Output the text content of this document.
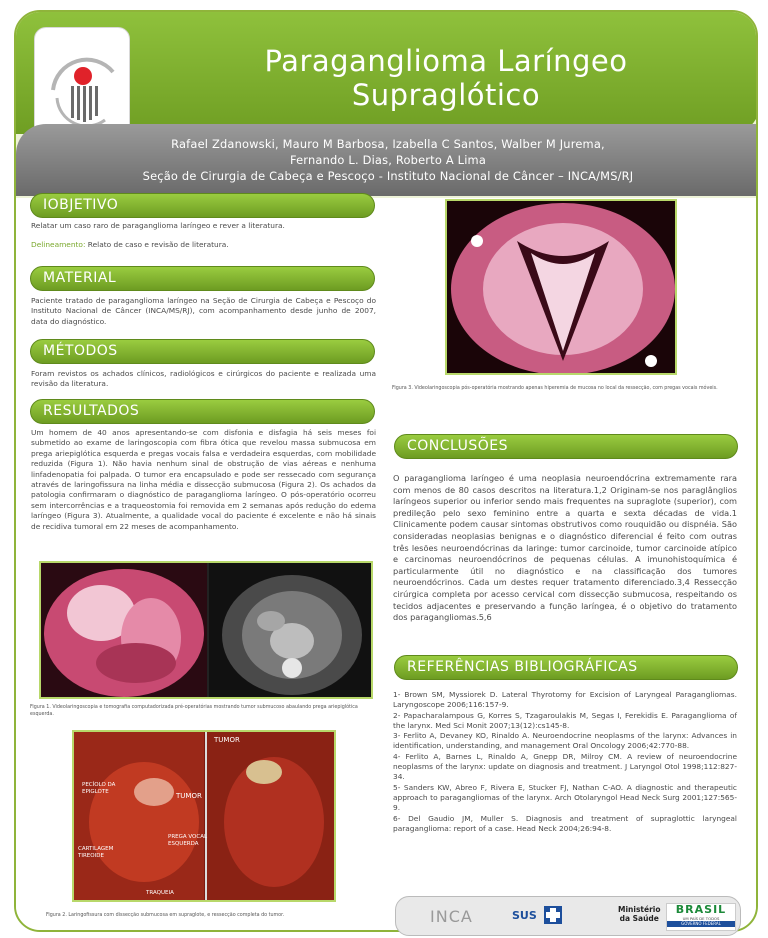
Paraganglioma Laríngeo Supraglótico
Rafael Zdanowski, Mauro M Barbosa, Izabella C Santos, Walber M Jurema,
Fernando L. Dias, Roberto A Lima
Seção de Cirurgia de Cabeça e Pescoço - Instituto Nacional de Câncer – INCA/MS/RJ
IOBJETIVO
Relatar um caso raro de paraganglioma laríngeo e rever a literatura.
Delineamento: Relato de caso e revisão de literatura.
MATERIAL
Paciente tratado de paraganglioma laríngeo na Seção de Cirurgia de Cabeça e Pescoço do Instituto Nacional de Câncer (INCA/MS/RJ), com acompanhamento desde junho de 2007, data do diagnóstico.
MÉTODOS
Foram revistos os achados clínicos, radiológicos e cirúrgicos do paciente e realizada uma revisão da literatura.
RESULTADOS
Um homem de 40 anos apresentando-se com disfonia e disfagia há seis meses foi submetido ao exame de laringoscopia com fibra ótica que revelou massa submucosa em prega ariepiglótica esquerda e pregas vocais falsa e verdadeira esquerdas, com mobilidade reduzida (Figura 1). Não havia nenhum sinal de obstrução de vias aéreas e nenhuma linfadenopatia foi palpada. O tumor era encapsulado e pode ser ressecado com segurança através de laringofissura na linha média e dissecção submucosa (Figura 2). Os achados da patologia confirmaram o diagnóstico de paraganglioma laríngeo. O pós-operatório ocorreu sem intercorrências e a traqueostomia foi removida em 2 semanas após redução do edema laríngeo (Figura 3). Atualmente, a qualidade vocal do paciente é excelente e não há sinais de recidiva tumoral em 22 meses de acompanhamento.
Figura 1. Videolaringoscopia e tomografia computadorizada pré-operatórias mostrando tumor submucoso abaulando prega ariepiglótica esquerda.
TUMOR
PECÍOLO DA EPIGLOTE	TUMOR
CARTILAGEM TIREOIDE
PREGA VOCAL ESQUERDA
TRAQUEIA
Figura 2. Laringofissura com dissecção submucosa em supraglote, e ressecção completa do tumor.
Figura 3. Videolaringoscopia pós-operatória mostrando apenas hiperemia de mucosa no local da ressecção, com pregas vocais móveis.
CONCLUSÕES
O paraganglioma laríngeo é uma neoplasia neuroendócrina extremamente rara com menos de 80 casos descritos na literatura.1,2 Originam-se nos paraglânglios laríngeos superior ou inferior sendo mais frequentes na supraglote (superior), com predileção pelo sexo feminino entre a quarta e sexta décadas de vida.1 Clinicamente podem causar sintomas obstrutivos como rouquidão ou dispnéia. São consideradas neoplasias benignas e o diagnóstico diferencial é feito com outras três lesões neuroendócrinas da laringe: tumor carcinoide, tumor carcinoide atípico e carcinomas neuroendócrinos de pequenas células. A imunohistoquímica é particularmente útil no diagnóstico e na classificação dos tumores neuroendócrinos. Cada um destes requer tratamento diferenciado.3,4 Ressecção cirúrgica completa por acesso cervical com dissecção submucosa, respeitando os tecidos adjacentes e preservando a função laríngea, é o objetivo do tratamento dos paragangliomas.5,6
REFERÊNCIAS BIBLIOGRÁFICAS
1- Brown SM, Myssiorek D. Lateral Thyrotomy for Excision of Laryngeal Paragangliomas. Laryngoscope 2006;116:157-9.
2- Papacharalampous G, Korres S, Tzagaroulakis M, Segas I, Ferekidis E. Paraganglioma of the larynx. Med Sci Monit 2007;13(12):cs145-8.
3- Ferlito A, Devaney KO, Rinaldo A. Neuroendocrine neoplasms of the larynx: Advances in identification, understanding, and management Oral Oncology 2006;42:770-88.
4- Ferlito A, Barnes L, Rinaldo A, Gnepp DR, Milroy CM. A review of neuroendocrine neoplasms of the larynx: update on diagnosis and treatment. J Laryngol Otol 1998;112:827-34.
5- Sanders KW, Abreo F, Rivera E, Stucker FJ, Nathan C-AO. A diagnostic and therapeutic approach to paragangliomas of the larynx. Arch Otolaryngol Head Neck Surg 2001;127:565-9.
6- Del Gaudio JM, Muller S. Diagnosis and treatment of supraglottic laryngeal paraganglioma: report of a case. Head Neck 2004;26:94-8.
INCA	SUS	Ministério
da Saúde
BRASIL
UM PAÍS DE TODOS
GOVERNO FEDERAL
